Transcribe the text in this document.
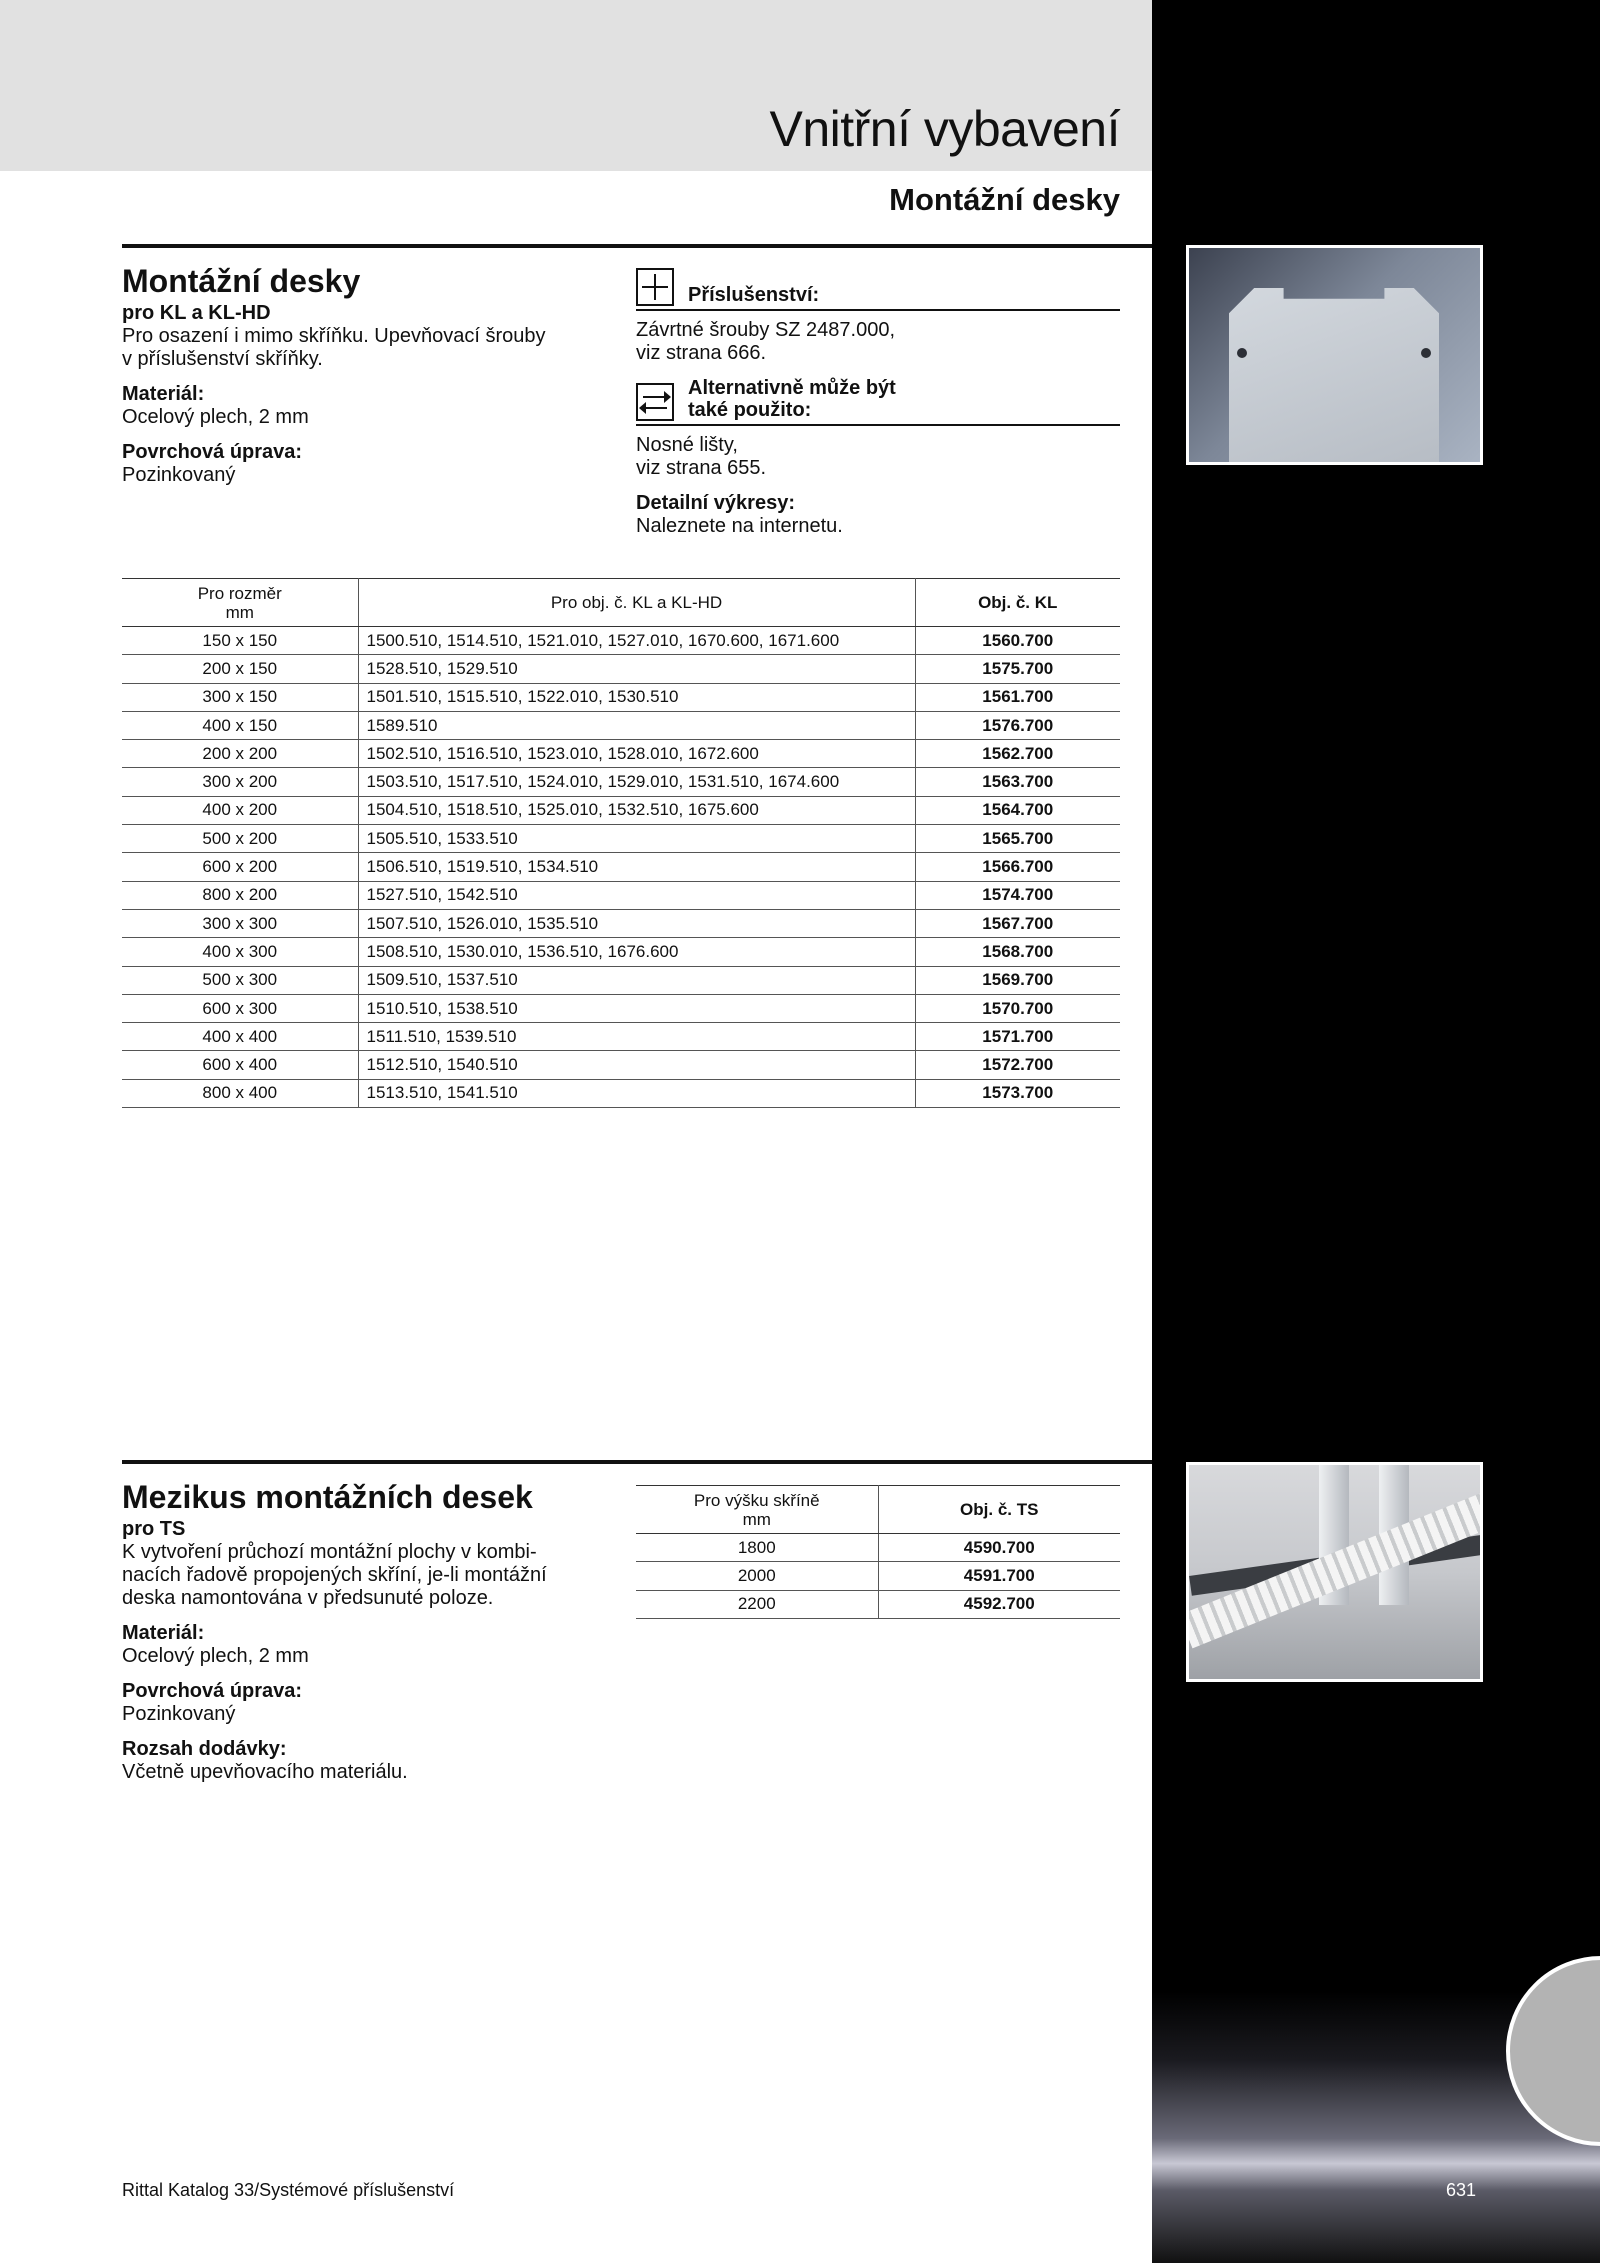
Vnitřní vybavení
Montážní desky
Montážní desky
pro KL a KL-HD

Pro osazení i mimo skříňku. Upevňovací šrouby
v příslušenství skříňky.

Materiál:

Ocelový plech, 2 mm

Povrchová úprava:

Pozinkovaný

Příslušenství:

Závrtné šrouby SZ 2487.000,
viz strana 666.

Alternativně může být
také použito:

Nosné lišty,
viz strana 655.

Detailní výkresy:

Naleznete na internetu.

Pro rozměr
mm	Pro obj. č. KL a KL-HD	Obj. č. KL
150 x 150	1500.510, 1514.510, 1521.010, 1527.010, 1670.600, 1671.600	1560.700
200 x 150	1528.510, 1529.510	1575.700
300 x 150	1501.510, 1515.510, 1522.010, 1530.510	1561.700
400 x 150	1589.510	1576.700
200 x 200	1502.510, 1516.510, 1523.010, 1528.010, 1672.600	1562.700
300 x 200	1503.510, 1517.510, 1524.010, 1529.010, 1531.510, 1674.600	1563.700
400 x 200	1504.510, 1518.510, 1525.010, 1532.510, 1675.600	1564.700
500 x 200	1505.510, 1533.510	1565.700
600 x 200	1506.510, 1519.510, 1534.510	1566.700
800 x 200	1527.510, 1542.510	1574.700
300 x 300	1507.510, 1526.010, 1535.510	1567.700
400 x 300	1508.510, 1530.010, 1536.510, 1676.600	1568.700
500 x 300	1509.510, 1537.510	1569.700
600 x 300	1510.510, 1538.510	1570.700
400 x 400	1511.510, 1539.510	1571.700
600 x 400	1512.510, 1540.510	1572.700
800 x 400	1513.510, 1541.510	1573.700
Mezikus montážních desek
pro TS

K vytvoření průchozí montážní plochy v kombi-
nacích řadově propojených skříní, je-li montážní
deska namontována v předsunuté poloze.

Materiál:

Ocelový plech, 2 mm

Povrchová úprava:

Pozinkovaný

Rozsah dodávky:

Včetně upevňovacího materiálu.

Pro výšku skříně
mm	Obj. č. TS
1800	4590.700
2000	4591.700
2200	4592.700
Rittal Katalog 33/Systémové příslušenství	631
